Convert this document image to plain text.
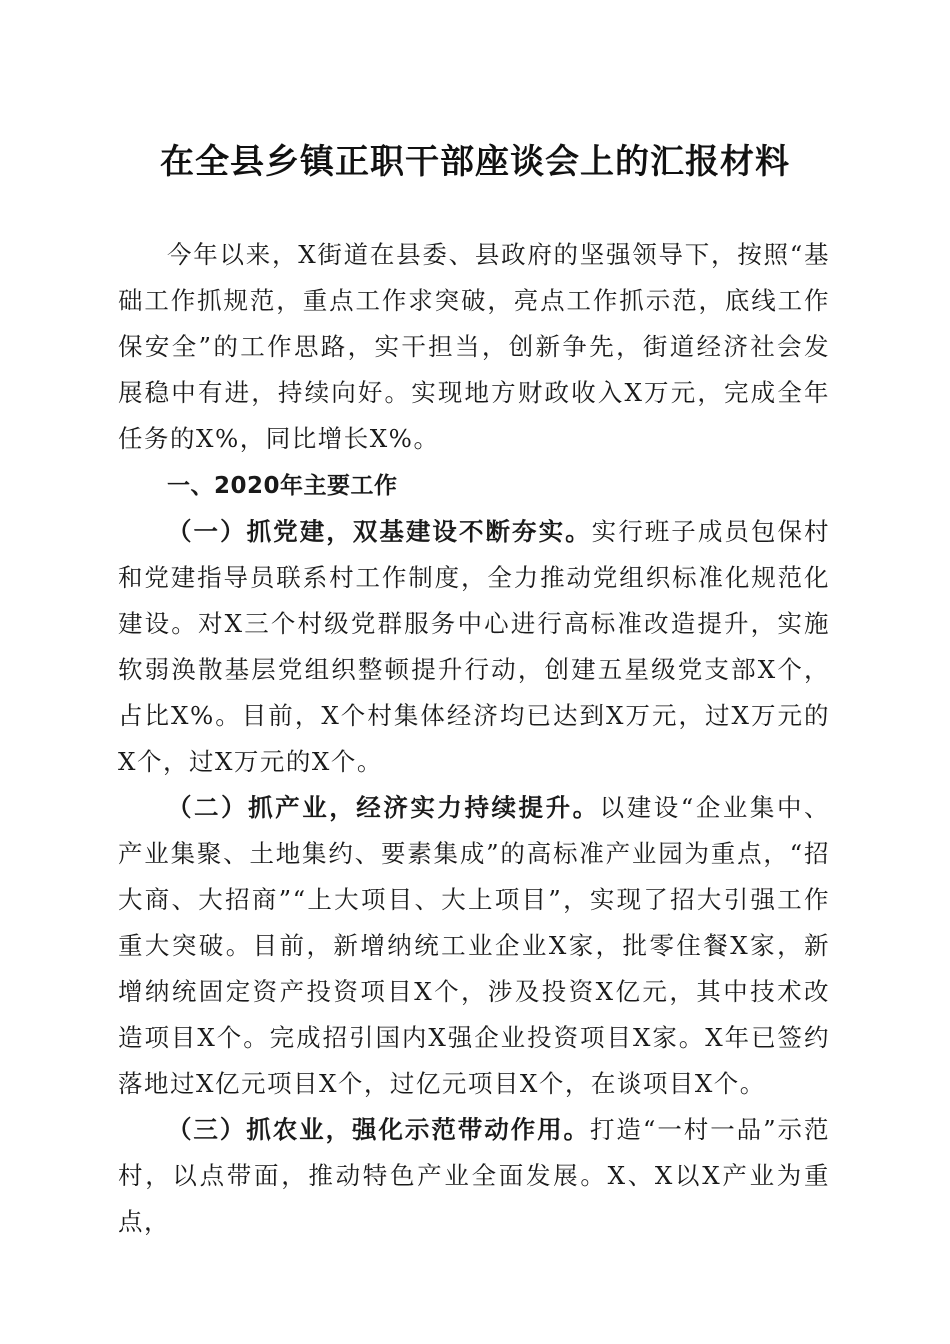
在全县乡镇正职干部座谈会上的汇报材料

今年以来，X街道在县委、县政府的坚强领导下，按照“基础工作抓规范，重点工作求突破，亮点工作抓示范，底线工作保安全”的工作思路，实干担当，创新争先，街道经济社会发展稳中有进，持续向好。实现地方财政收入X万元，完成全年任务的X%，同比增长X%。

一、2020年主要工作

（一）抓党建，双基建设不断夯实。实行班子成员包保村和党建指导员联系村工作制度，全力推动党组织标准化规范化建设。对X三个村级党群服务中心进行高标准改造提升，实施软弱涣散基层党组织整顿提升行动，创建五星级党支部X个，占比X%。目前，X个村集体经济均已达到X万元，过X万元的X个，过X万元的X个。

（二）抓产业，经济实力持续提升。以建设“企业集中、产业集聚、土地集约、要素集成”的高标准产业园为重点，“招大商、大招商”“上大项目、大上项目”，实现了招大引强工作重大突破。目前，新增纳统工业企业X家，批零住餐X家，新增纳统固定资产投资项目X个，涉及投资X亿元，其中技术改造项目X个。完成招引国内X强企业投资项目X家。X年已签约落地过X亿元项目X个，过亿元项目X个，在谈项目X个。

（三）抓农业，强化示范带动作用。打造“一村一品”示范村，以点带面，推动特色产业全面发展。X、X以X产业为重点，
